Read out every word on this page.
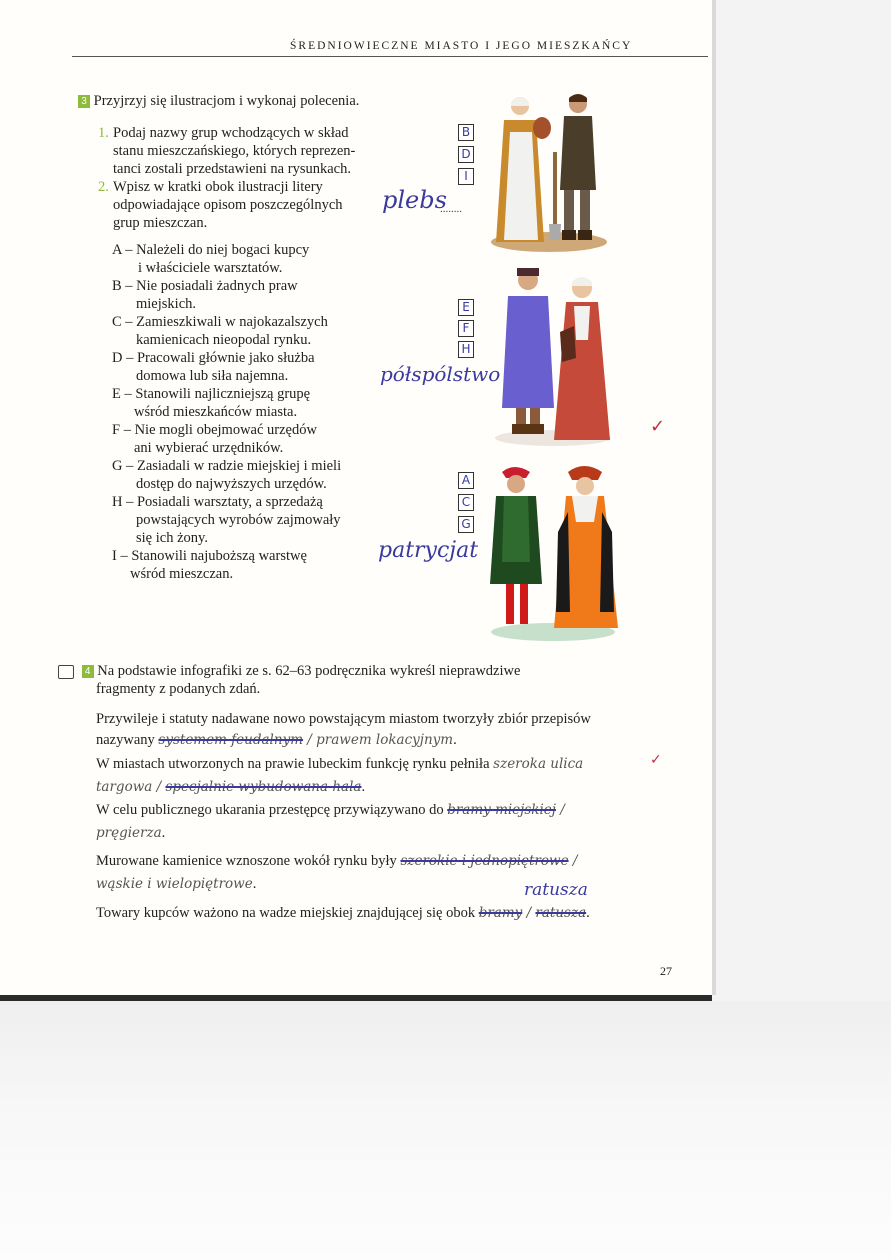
ŚREDNIOWIECZNE MIASTO I JEGO MIESZKAŃCY
3 Przyjrzyj się ilustracjom i wykonaj polecenia.
1. Podaj nazwy grup wchodzących w skład
stanu mieszczańskiego, których reprezen-
tanci zostali przedstawieni na rysunkach.
2. Wpisz w kratki obok ilustracji litery
odpowiadające opisom poszczególnych
grup mieszczan.
A – Należeli do niej bogaci kupcy
i właściciele warsztatów.
B – Nie posiadali żadnych praw
miejskich.
C – Zamieszkiwali w najokazalszych
kamienicach nieopodal rynku.
D – Pracowali głównie jako służba
domowa lub siła najemna.
E – Stanowili najliczniejszą grupę
wśród mieszkańców miasta.
F – Nie mogli obejmować urzędów
ani wybierać urzędników.
G – Zasiadali w radzie miejskiej i mieli
dostęp do najwyższych urzędów.
H – Posiadali warsztaty, a sprzedażą
powstających wyrobów zajmowały
się ich żony.
I – Stanowili najuboższą warstwę
wśród mieszczan.
B
D
I
E
F
H
A
C
G
plebs
........
półspólstwo
patrycjat
✓
4 Na podstawie infografiki ze s. 62–63 podręcznika wykreśl nieprawdziwe
fragmenty z podanych zdań.
Przywileje i statuty nadawane nowo powstającym miastom tworzyły zbiór przepisów
nazywany systemem feudalnym / prawem lokacyjnym.
W miastach utworzonych na prawie lubeckim funkcję rynku pełniła szeroka ulica
targowa / specjalnie wybudowana hala.
W celu publicznego ukarania przestępcę przywiązywano do bramy miejskiej /
pręgierza.
Murowane kamienice wznoszone wokół rynku były szerokie i jednopiętrowe /
wąskie i wielopiętrowe.	ratusza
Towary kupców ważono na wadze miejskiej znajdującej się obok bramy / ratusza.
✓
27
